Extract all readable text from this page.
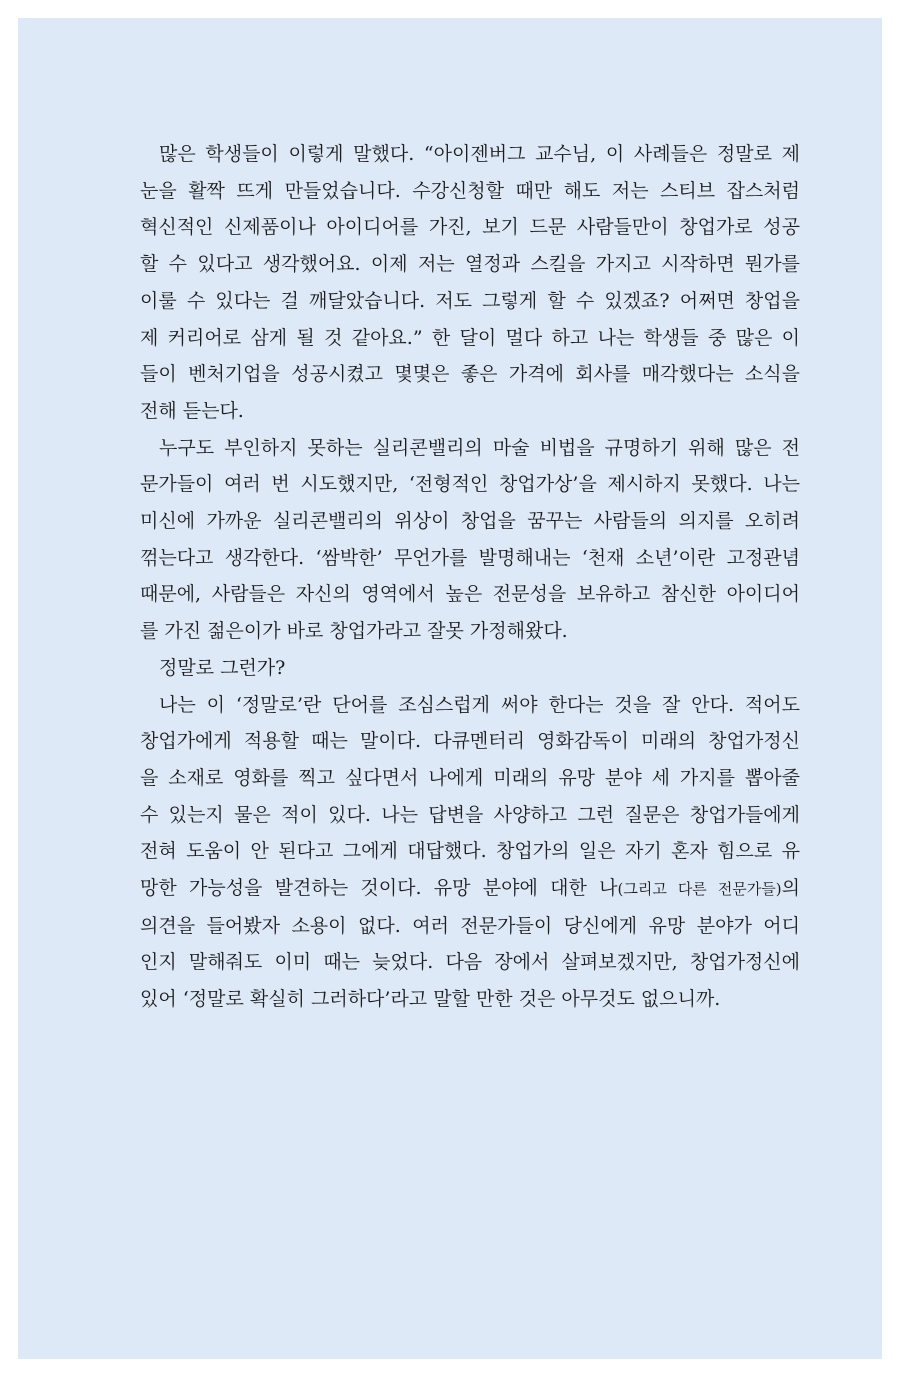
많은 학생들이 이렇게 말했다. “아이젠버그 교수님, 이 사례들은 정말로 제
눈을 활짝 뜨게 만들었습니다. 수강신청할 때만 해도 저는 스티브 잡스처럼
혁신적인 신제품이나 아이디어를 가진, 보기 드문 사람들만이 창업가로 성공
할 수 있다고 생각했어요. 이제 저는 열정과 스킬을 가지고 시작하면 뭔가를
이룰 수 있다는 걸 깨달았습니다. 저도 그렇게 할 수 있겠죠? 어쩌면 창업을
제 커리어로 삼게 될 것 같아요.” 한 달이 멀다 하고 나는 학생들 중 많은 이
들이 벤처기업을 성공시켰고 몇몇은 좋은 가격에 회사를 매각했다는 소식을
전해 듣는다.

누구도 부인하지 못하는 실리콘밸리의 마술 비법을 규명하기 위해 많은 전
문가들이 여러 번 시도했지만, ‘전형적인 창업가상’을 제시하지 못했다. 나는
미신에 가까운 실리콘밸리의 위상이 창업을 꿈꾸는 사람들의 의지를 오히려
꺾는다고 생각한다. ‘쌈박한’ 무언가를 발명해내는 ‘천재 소년’이란 고정관념
때문에, 사람들은 자신의 영역에서 높은 전문성을 보유하고 참신한 아이디어
를 가진 젊은이가 바로 창업가라고 잘못 가정해왔다.

정말로 그런가?

나는 이 ‘정말로’란 단어를 조심스럽게 써야 한다는 것을 잘 안다. 적어도
창업가에게 적용할 때는 말이다. 다큐멘터리 영화감독이 미래의 창업가정신
을 소재로 영화를 찍고 싶다면서 나에게 미래의 유망 분야 세 가지를 뽑아줄
수 있는지 물은 적이 있다. 나는 답변을 사양하고 그런 질문은 창업가들에게
전혀 도움이 안 된다고 그에게 대답했다. 창업가의 일은 자기 혼자 힘으로 유
망한 가능성을 발견하는 것이다. 유망 분야에 대한 나(그리고 다른 전문가들)의
의견을 들어봤자 소용이 없다. 여러 전문가들이 당신에게 유망 분야가 어디
인지 말해줘도 이미 때는 늦었다. 다음 장에서 살펴보겠지만, 창업가정신에
있어 ‘정말로 확실히 그러하다’라고 말할 만한 것은 아무것도 없으니까.
